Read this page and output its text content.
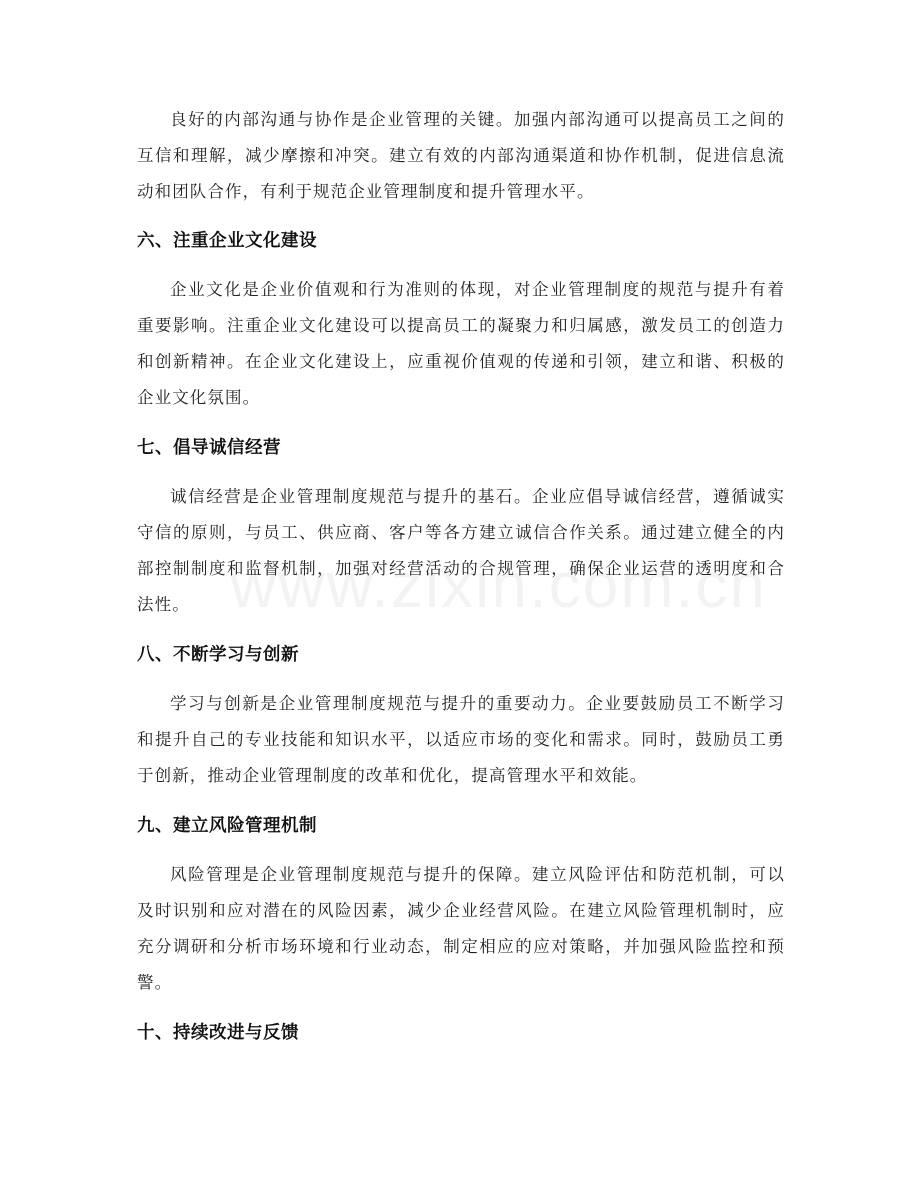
良好的内部沟通与协作是企业管理的关键。加强内部沟通可以提高员工之间的互信和理解，减少摩擦和冲突。建立有效的内部沟通渠道和协作机制，促进信息流动和团队合作，有利于规范企业管理制度和提升管理水平。

六、注重企业文化建设

企业文化是企业价值观和行为准则的体现，对企业管理制度的规范与提升有着重要影响。注重企业文化建设可以提高员工的凝聚力和归属感，激发员工的创造力和创新精神。在企业文化建设上，应重视价值观的传递和引领，建立和谐、积极的企业文化氛围。

七、倡导诚信经营

诚信经营是企业管理制度规范与提升的基石。企业应倡导诚信经营，遵循诚实守信的原则，与员工、供应商、客户等各方建立诚信合作关系。通过建立健全的内部控制制度和监督机制，加强对经营活动的合规管理，确保企业运营的透明度和合法性。

八、不断学习与创新

学习与创新是企业管理制度规范与提升的重要动力。企业要鼓励员工不断学习和提升自己的专业技能和知识水平，以适应市场的变化和需求。同时，鼓励员工勇于创新，推动企业管理制度的改革和优化，提高管理水平和效能。

九、建立风险管理机制

风险管理是企业管理制度规范与提升的保障。建立风险评估和防范机制，可以及时识别和应对潜在的风险因素，减少企业经营风险。在建立风险管理机制时，应充分调研和分析市场环境和行业动态，制定相应的应对策略，并加强风险监控和预警。

十、持续改进与反馈
